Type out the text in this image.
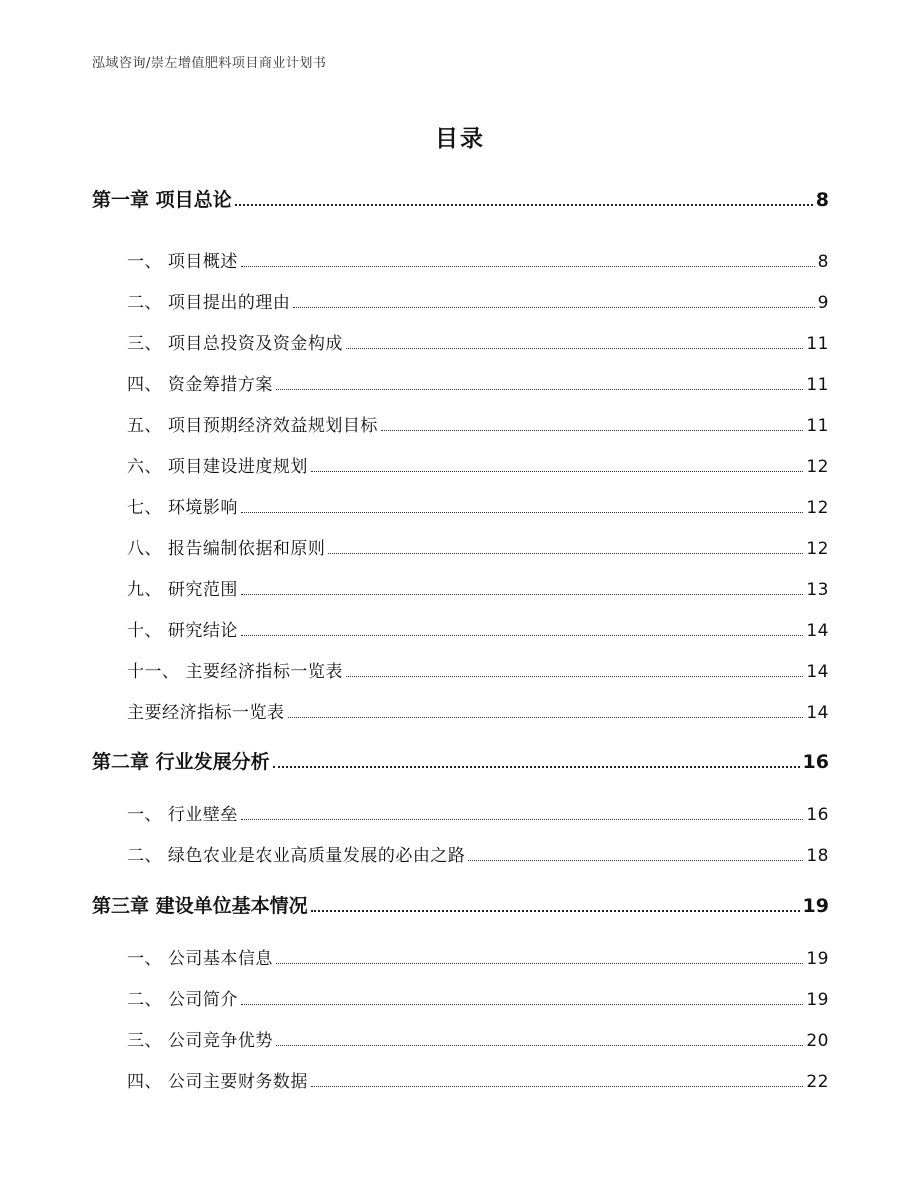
泓域咨询/崇左增值肥料项目商业计划书
目录
第一章 项目总论	8
一、 项目概述	8
二、 项目提出的理由	9
三、 项目总投资及资金构成	11
四、 资金筹措方案	11
五、 项目预期经济效益规划目标	11
六、 项目建设进度规划	12
七、 环境影响	12
八、 报告编制依据和原则	12
九、 研究范围	13
十、 研究结论	14
十一、 主要经济指标一览表	14
主要经济指标一览表	14
第二章 行业发展分析	16
一、 行业壁垒	16
二、 绿色农业是农业高质量发展的必由之路	18
第三章 建设单位基本情况	19
一、 公司基本信息	19
二、 公司简介	19
三、 公司竞争优势	20
四、 公司主要财务数据	22
